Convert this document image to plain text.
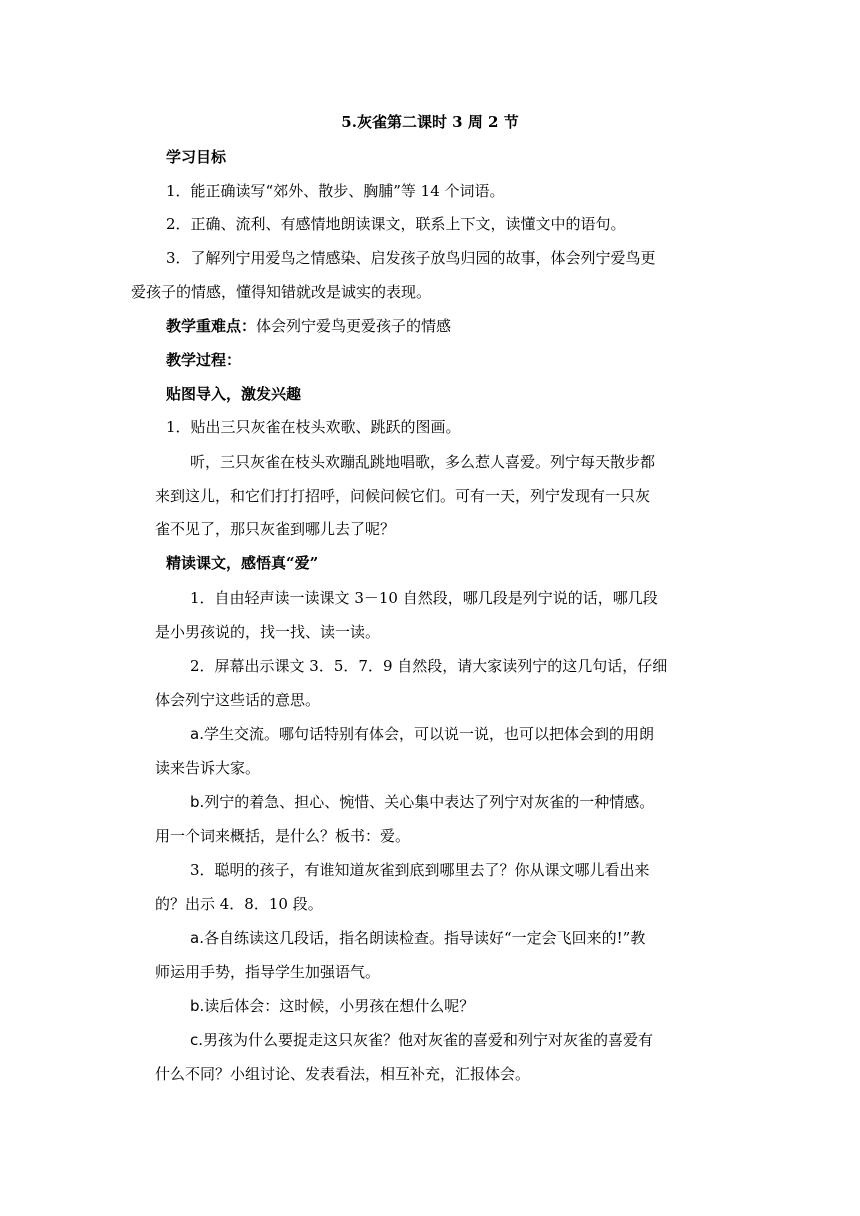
5.灰雀第二课时 3 周 2 节
学习目标
1．能正确读写“郊外、散步、胸脯”等 14 个词语。
2．正确、流利、有感情地朗读课文，联系上下文，读懂文中的语句。
3．了解列宁用爱鸟之情感染、启发孩子放鸟归园的故事，体会列宁爱鸟更
爱孩子的情感，懂得知错就改是诚实的表现。
教学重难点：体会列宁爱鸟更爱孩子的情感
教学过程：
贴图导入，激发兴趣
1．贴出三只灰雀在枝头欢歌、跳跃的图画。
听，三只灰雀在枝头欢蹦乱跳地唱歌，多么惹人喜爱。列宁每天散步都
来到这儿，和它们打打招呼，问候问候它们。可有一天，列宁发现有一只灰
雀不见了，那只灰雀到哪儿去了呢？
精读课文，感悟真“爱”
1．自由轻声读一读课文 3－10 自然段，哪几段是列宁说的话，哪几段
是小男孩说的，找一找、读一读。
2．屏幕出示课文 3．5．7．9 自然段，请大家读列宁的这几句话，仔细
体会列宁这些话的意思。
a.学生交流。哪句话特别有体会，可以说一说，也可以把体会到的用朗
读来告诉大家。
b.列宁的着急、担心、惋惜、关心集中表达了列宁对灰雀的一种情感。
用一个词来概括，是什么？板书：爱。
3．聪明的孩子，有谁知道灰雀到底到哪里去了？你从课文哪儿看出来
的？出示 4．8．10 段。
a.各自练读这几段话，指名朗读检查。指导读好“一定会飞回来的!”教
师运用手势，指导学生加强语气。
b.读后体会：这时候，小男孩在想什么呢？
c.男孩为什么要捉走这只灰雀？他对灰雀的喜爱和列宁对灰雀的喜爱有
什么不同？小组讨论、发表看法，相互补充，汇报体会。
